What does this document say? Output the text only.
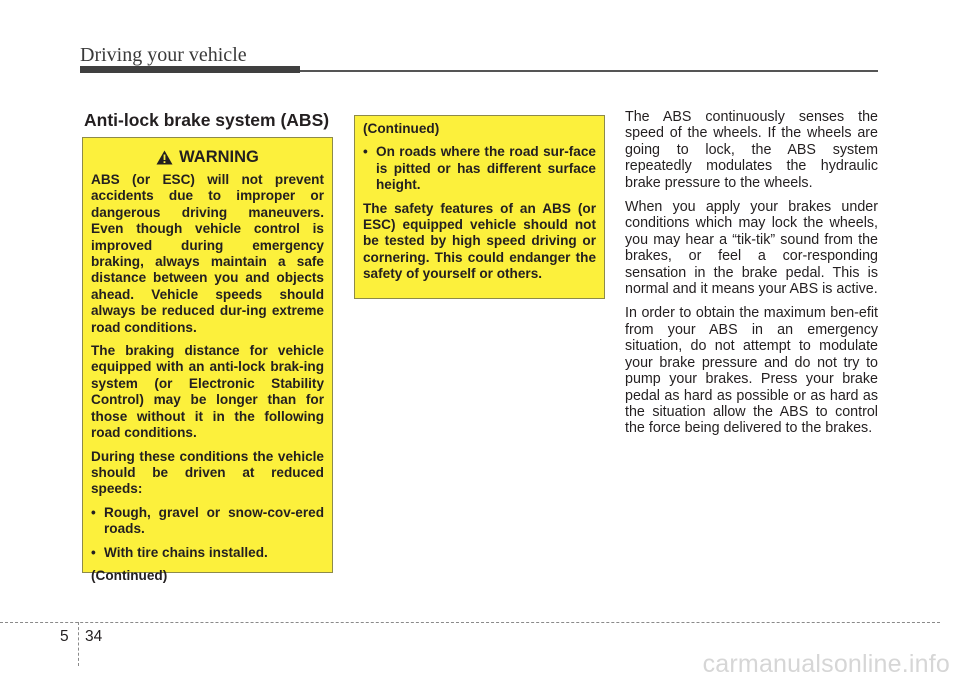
Driving your vehicle
Anti-lock brake system (ABS)
WARNING

ABS (or ESC) will not prevent accidents due to improper or dangerous driving maneuvers. Even though vehicle control is improved during emergency braking, always maintain a safe distance between you and objects ahead. Vehicle speeds should always be reduced dur-ing extreme road conditions.

The braking distance for vehicle equipped with an anti-lock brak-ing system (or Electronic Stability Control) may be longer than for those without it in the following road conditions.

During these conditions the vehicle should be driven at reduced speeds:

• Rough, gravel or snow-cov-ered roads.
• With tire chains installed.

(Continued)

(Continued)

• On roads where the road sur-face is pitted or has different surface height.

The safety features of an ABS (or ESC) equipped vehicle should not be tested by high speed driving or cornering. This could endanger the safety of yourself or others.

The ABS continuously senses the speed of the wheels. If the wheels are going to lock, the ABS system repeatedly modulates the hydraulic brake pressure to the wheels.

When you apply your brakes under conditions which may lock the wheels, you may hear a “tik-tik” sound from the brakes, or feel a cor-responding sensation in the brake pedal. This is normal and it means your ABS is active.

In order to obtain the maximum ben-efit from your ABS in an emergency situation, do not attempt to modulate your brake pressure and do not try to pump your brakes. Press your brake pedal as hard as possible or as hard as the situation allow the ABS to control the force being delivered to the brakes.

5 34
carmanualsonline.info
